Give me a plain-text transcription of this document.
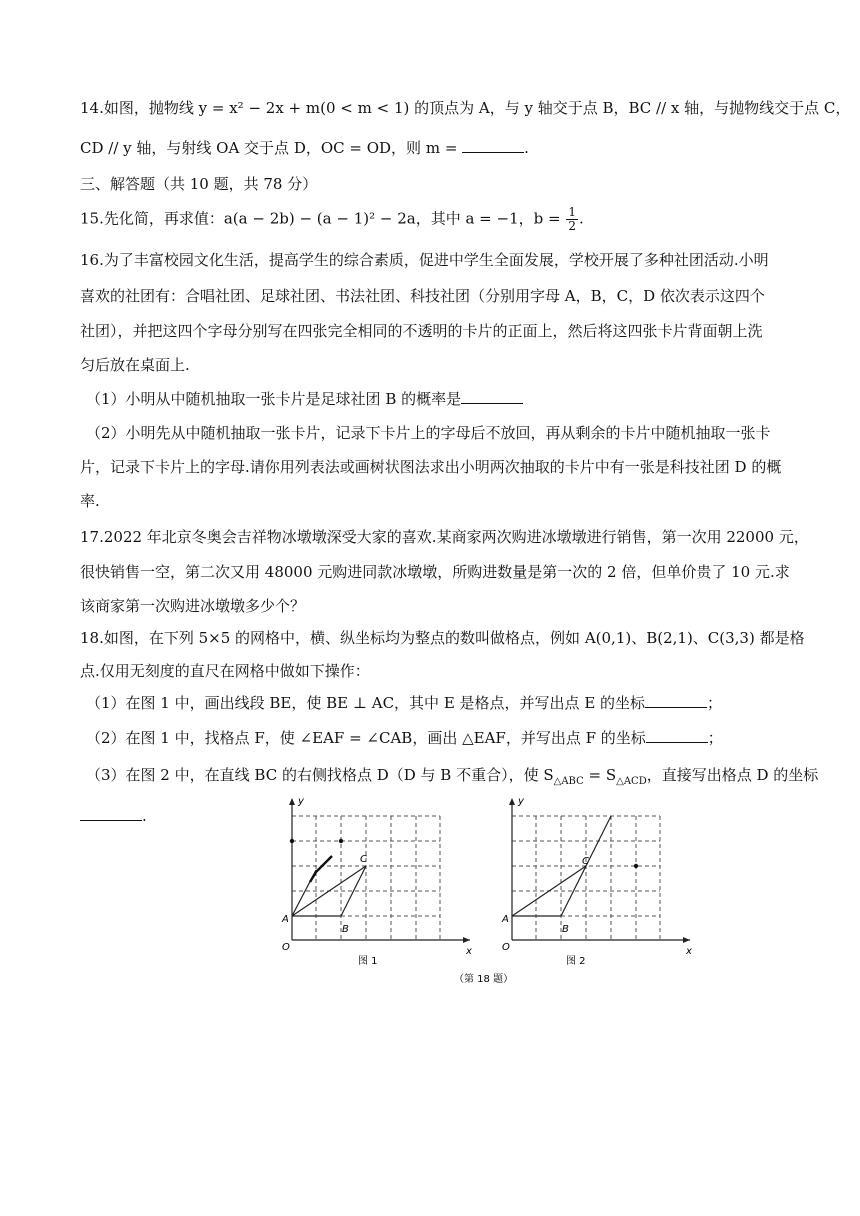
14.如图，抛物线 y = x² − 2x + m(0 < m < 1) 的顶点为 A，与 y 轴交于点 B，BC // x 轴，与抛物线交于点 C，
CD // y 轴，与射线 OA 交于点 D，OC = OD，则 m =	.
三、解答题（共 10 题，共 78 分）
15.先化简，再求值：a(a − 2b) − (a − 1)² − 2a，其中 a = −1，$b = \frac{1}{2}$ .
16.为了丰富校园文化生活，提高学生的综合素质，促进中学生全面发展，学校开展了多种社团活动.小明
喜欢的社团有：合唱社团、足球社团、书法社团、科技社团（分别用字母 A，B，C，D 依次表示这四个
社团），并把这四个字母分别写在四张完全相同的不透明的卡片的正面上，然后将这四张卡片背面朝上洗
匀后放在桌面上.
（1）小明从中随机抽取一张卡片是足球社团 B 的概率是
（2）小明先从中随机抽取一张卡片，记录下卡片上的字母后不放回，再从剩余的卡片中随机抽取一张卡
片，记录下卡片上的字母.请你用列表法或画树状图法求出小明两次抽取的卡片中有一张是科技社团 D 的概
率.
17.2022 年北京冬奥会吉祥物冰墩墩深受大家的喜欢.某商家两次购进冰墩墩进行销售，第一次用 22000 元，
很快销售一空，第二次又用 48000 元购进同款冰墩墩，所购进数量是第一次的 2 倍，但单价贵了 10 元.求
该商家第一次购进冰墩墩多少个？
18.如图，在下列 5×5 的网格中，横、纵坐标均为整点的数叫做格点，例如 A(0,1)、B(2,1)、C(3,3) 都是格
点.仅用无刻度的直尺在网格中做如下操作：
（1）在图 1 中，画出线段 BE，使 BE ⊥ AC，其中 E 是格点，并写出点 E 的坐标	；
（2）在图 1 中，找格点 F，使 ∠EAF = ∠CAB，画出 △EAF，并写出点 F 的坐标	；
（3）在图 2 中，在直线 BC 的右侧找格点 D（D 与 B 不重合），使 $S_{\triangle ABC} = S_{\triangle ACD}$，直接写出格点 D 的坐标
.
A
B
C
O	x
y
图 1
A
B
C
O	x
y
图 2
（第 18 题）
